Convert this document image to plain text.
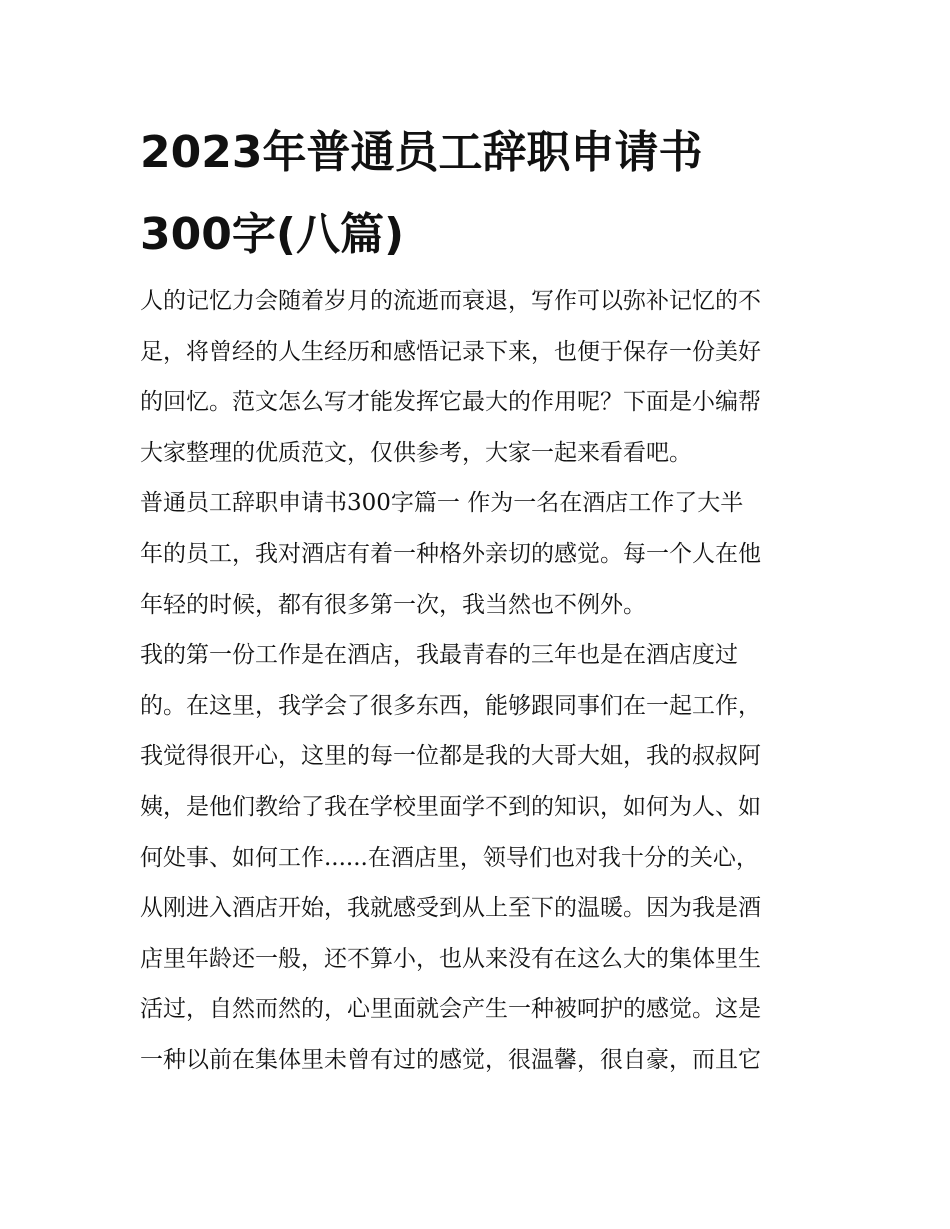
2023年普通员工辞职申请书
300字(八篇)

人的记忆力会随着岁月的流逝而衰退，写作可以弥补记忆的不
足，将曾经的人生经历和感悟记录下来，也便于保存一份美好
的回忆。范文怎么写才能发挥它最大的作用呢？下面是小编帮
大家整理的优质范文，仅供参考，大家一起来看看吧。

普通员工辞职申请书300字篇一 作为一名在酒店工作了大半
年的员工，我对酒店有着一种格外亲切的感觉。每一个人在他
年轻的时候，都有很多第一次，我当然也不例外。

我的第一份工作是在酒店，我最青春的三年也是在酒店度过
的。在这里，我学会了很多东西，能够跟同事们在一起工作，
我觉得很开心，这里的每一位都是我的大哥大姐，我的叔叔阿
姨，是他们教给了我在学校里面学不到的知识，如何为人、如
何处事、如何工作......在酒店里，领导们也对我十分的关心，
从刚进入酒店开始，我就感受到从上至下的温暖。因为我是酒
店里年龄还一般，还不算小，也从来没有在这么大的集体里生
活过，自然而然的，心里面就会产生一种被呵护的感觉。这是
一种以前在集体里未曾有过的感觉，很温馨，很自豪，而且它
